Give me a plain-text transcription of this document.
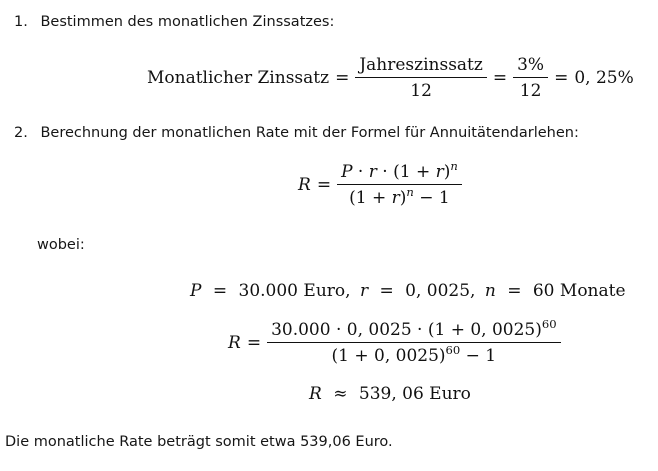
1. Bestimmen des monatlichen Zinssatzes:
Monatlicher Zinssatz = $\frac{\text{Jahreszinssatz}}{12} = \frac{3\%}{12} = 0$, 25%
2. Berechnung der monatlichen Rate mit der Formel für Annuitätendarlehen:
$R = \frac{P \cdot r \cdot (1 + r)^n}{(1 + r)^n - 1}$
wobei:
P = 30.000 Euro, r = 0, 0025, n = 60 Monate
$R = \frac{30.000 \cdot 0, 0025 \cdot (1 + 0, 0025)^{60}}{(1 + 0, 0025)^{60} - 1}$
R ≈ 539, 06 Euro
Die monatliche Rate beträgt somit etwa 539,06 Euro.
